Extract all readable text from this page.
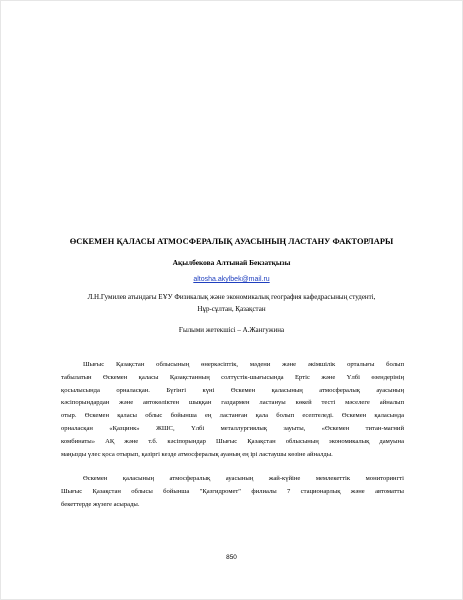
ӨСКЕМЕН ҚАЛАСЫ АТМОСФЕРАЛЫҚ АУАСЫНЫҢ ЛАСТАНУ ФАКТОРЛАРЫ
Ақылбекова Алтынай Бекзатқызы
altosha.akylbek@mail.ru
Л.Н.Гумилев атындағы ЕҰУ Физикалық және экономикалық география кафедрасының студенті,
Нұр-сұлтан, Қазақстан
Ғылыми жетекшісі – А.Жангужина
Шығыс Қазақстан облысының өнеркәсіптік, мәдени және әкімшілік орталығы болып
табылатын Өскемен қаласы Қазақстанның солтүстік-шығысында Ертіс және Үлбі өзендерінің
қосылысында орналасқан. Бүгінгі күні Өскемен қаласының атмосфералық ауасының
кәсіпорындардан және автокөліктен шыққан газдармен ластануы көкей тесті мәселеге айналып
отыр. Өскемен қаласы облыс бойынша ең ластанған қала болып есептеледі. Өскемен қаласында
орналасқан «Қазцинк» ЖШС, Үлбі металлургиялық зауыты, «Өскемен титан-магний
комбинаты» АҚ және т.б. кәсіпорындар Шығыс Қазақстан облысының экономикалық дамуына
маңызды үлес қоса отырып, қазіргі кезде атмосфералық ауаның ең ірі ластаушы көзіне айналды.
Өскемен қаласының атмосфералық ауасының жай-күйіне мемлекеттік мониторингті
Шығыс Қазақстан облысы бойынша "Қазгидромет" филиалы 7 стационарлық және автоматты
бекеттерде жүзеге асырады.
850
